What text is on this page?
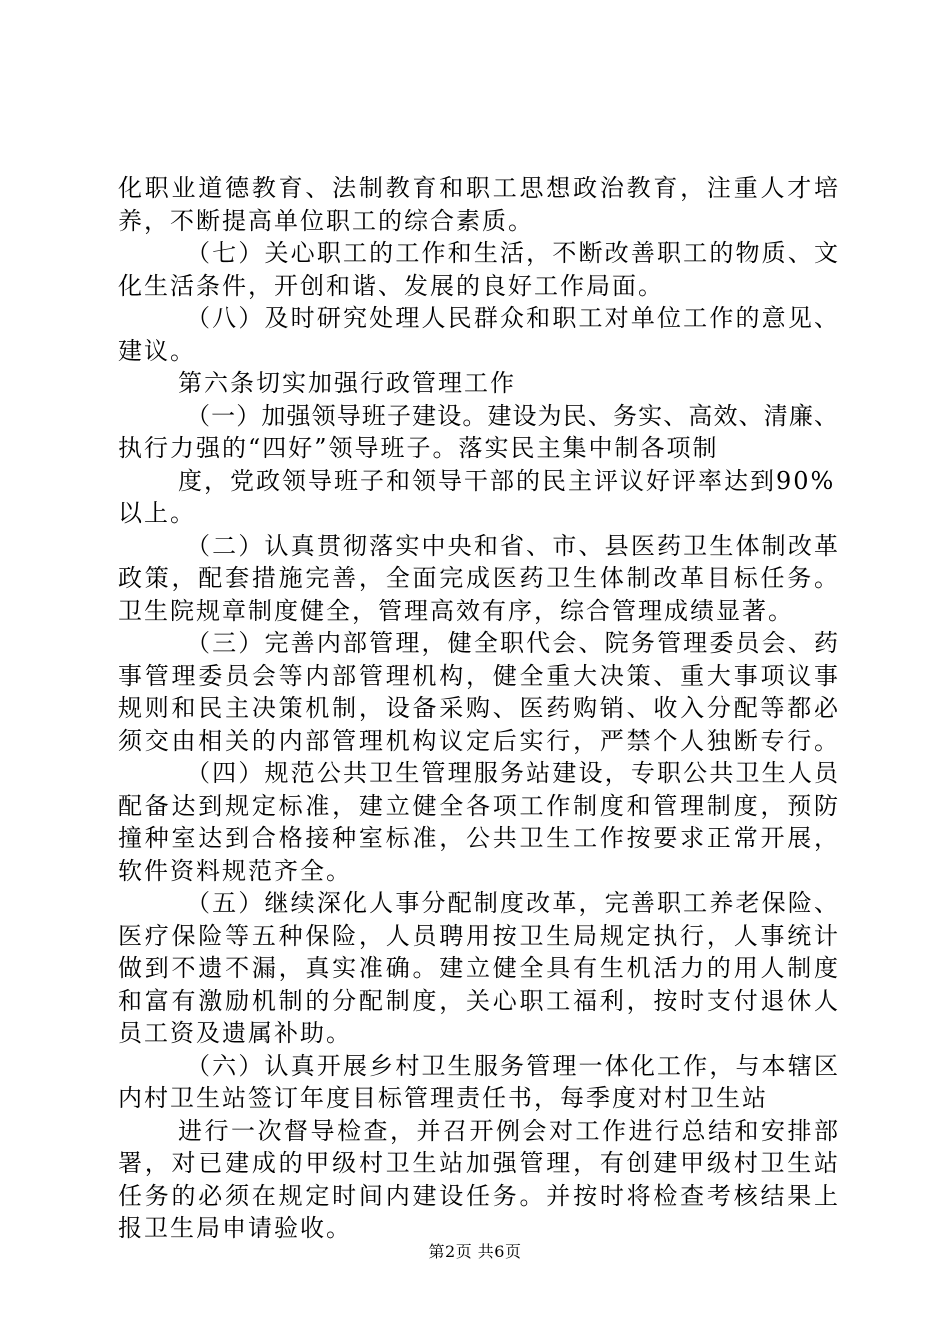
化职业道德教育、法制教育和职工思想政治教育，注重人才培
养，不断提高单位职工的综合素质。
（七）关心职工的工作和生活，不断改善职工的物质、文
化生活条件，开创和谐、发展的良好工作局面。
（八）及时研究处理人民群众和职工对单位工作的意见、
建议。
第六条切实加强行政管理工作
（一）加强领导班子建设。建设为民、务实、高效、清廉、
执行力强的“四好”领导班子。落实民主集中制各项制
度，党政领导班子和领导干部的民主评议好评率达到90%
以上。
（二）认真贯彻落实中央和省、市、县医药卫生体制改革
政策，配套措施完善，全面完成医药卫生体制改革目标任务。
卫生院规章制度健全，管理高效有序，综合管理成绩显著。
（三）完善内部管理，健全职代会、院务管理委员会、药
事管理委员会等内部管理机构，健全重大决策、重大事项议事
规则和民主决策机制，设备采购、医药购销、收入分配等都必
须交由相关的内部管理机构议定后实行，严禁个人独断专行。
（四）规范公共卫生管理服务站建设，专职公共卫生人员
配备达到规定标准，建立健全各项工作制度和管理制度，预防
撞种室达到合格接种室标准，公共卫生工作按要求正常开展，
软件资料规范齐全。
（五）继续深化人事分配制度改革，完善职工养老保险、
医疗保险等五种保险，人员聘用按卫生局规定执行，人事统计
做到不遗不漏，真实准确。建立健全具有生机活力的用人制度
和富有激励机制的分配制度，关心职工福利，按时支付退休人
员工资及遗属补助。
（六）认真开展乡村卫生服务管理一体化工作，与本辖区
内村卫生站签订年度目标管理责任书，每季度对村卫生站
进行一次督导检查，并召开例会对工作进行总结和安排部
署，对已建成的甲级村卫生站加强管理，有创建甲级村卫生站
任务的必须在规定时间内建设任务。并按时将检查考核结果上
报卫生局申请验收。
第2页 共6页
